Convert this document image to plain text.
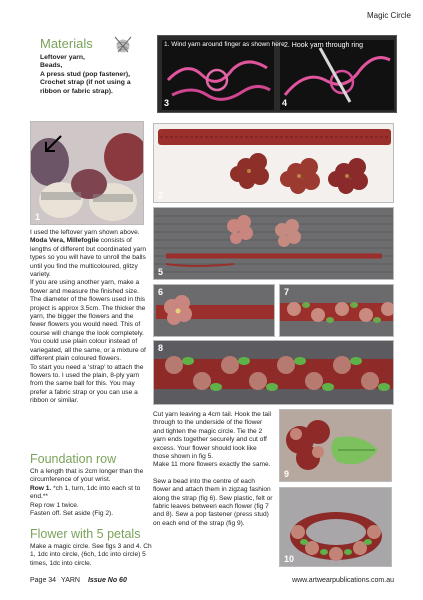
Magic Circle
Materials
Leftover yarn,
Beads,
A press stud (pop fastener),
Crochet strap (if not using a
ribbon or fabric strap).
1. Wind yarn around finger as shown here 2. Hook yarn through ring
3	4
1
2
5
6	7
8
9
10

I used the leftover yarn shown above. Moda Vera, Millefoglie consists of lengths of different but coordinated yarn types so you will have to unroll the balls until you find the multicoloured, glitzy variety.

If you are using another yarn, make a flower and measure the finished size. The diameter of the flowers used in this project is approx 3.5cm. The thicker the yarn, the bigger the flowers and the fewer flowers you would need. This of course will change the look completely. You could use plain colour instead of variegated, all the same, or a mixture of different plain coloured flowers.

To start you need a ‘strap’ to attach the flowers to. I used the plain, 8-ply yarn from the same ball for this. You may prefer a fabric strap or you can use a ribbon or similar.

Foundation row

Ch a length that is 2cm longer than the circumference of your wrist.

Row 1. *ch 1, turn, 1dc into each st to end.**

Rep row 1 twice.

Fasten off. Set aside (Fig 2).

Flower with 5 petals

Make a magic circle. See figs 3 and 4. Ch 1, 1dc into circle, (6ch, 1dc into circle) 5 times, 1dc into circle.

Cut yarn leaving a 4cm tail. Hook the tail through to the underside of the flower and tighten the magic circle. Tie the 2 yarn ends together securely and cut off excess. Your flower should look like those shown in fig 5.

Make 11 more flowers exactly the same.

Sew a bead into the centre of each flower and attach them in zigzag fashion along the strap (fig 6). Sew plastic, felt or fabric leaves between each flower (fig 7 and 8). Sew a pop fastener (press stud) on each end of the strap (fig 9).

Page 34 YARN Issue No 60	www.artwearpublications.com.au
